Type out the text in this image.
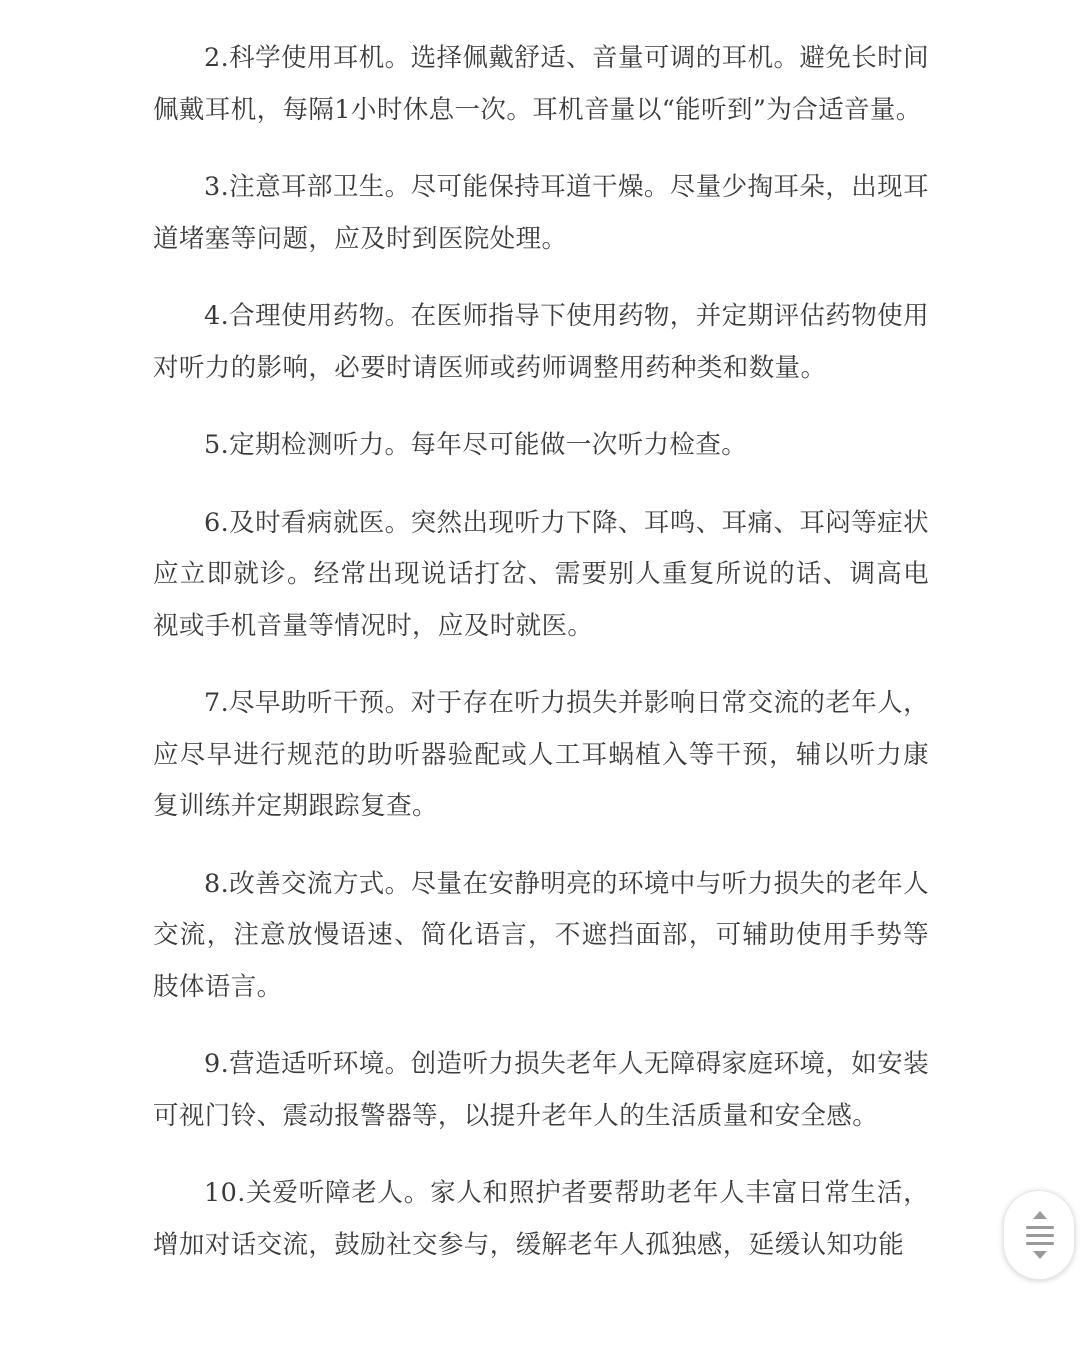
2.科学使用耳机。选择佩戴舒适、音量可调的耳机。避免长时间佩戴耳机，每隔1小时休息一次。耳机音量以“能听到”为合适音量。

3.注意耳部卫生。尽可能保持耳道干燥。尽量少掏耳朵，出现耳道堵塞等问题，应及时到医院处理。

4.合理使用药物。在医师指导下使用药物，并定期评估药物使用对听力的影响，必要时请医师或药师调整用药种类和数量。

5.定期检测听力。每年尽可能做一次听力检查。

6.及时看病就医。突然出现听力下降、耳鸣、耳痛、耳闷等症状应立即就诊。经常出现说话打岔、需要别人重复所说的话、调高电视或手机音量等情况时，应及时就医。

7.尽早助听干预。对于存在听力损失并影响日常交流的老年人，应尽早进行规范的助听器验配或人工耳蜗植入等干预，辅以听力康复训练并定期跟踪复查。

8.改善交流方式。尽量在安静明亮的环境中与听力损失的老年人交流，注意放慢语速、简化语言，不遮挡面部，可辅助使用手势等肢体语言。

9.营造适听环境。创造听力损失老年人无障碍家庭环境，如安装可视门铃、震动报警器等，以提升老年人的生活质量和安全感。

10.关爱听障老人。家人和照护者要帮助老年人丰富日常生活，增加对话交流，鼓励社交参与，缓解老年人孤独感，延缓认知功能
